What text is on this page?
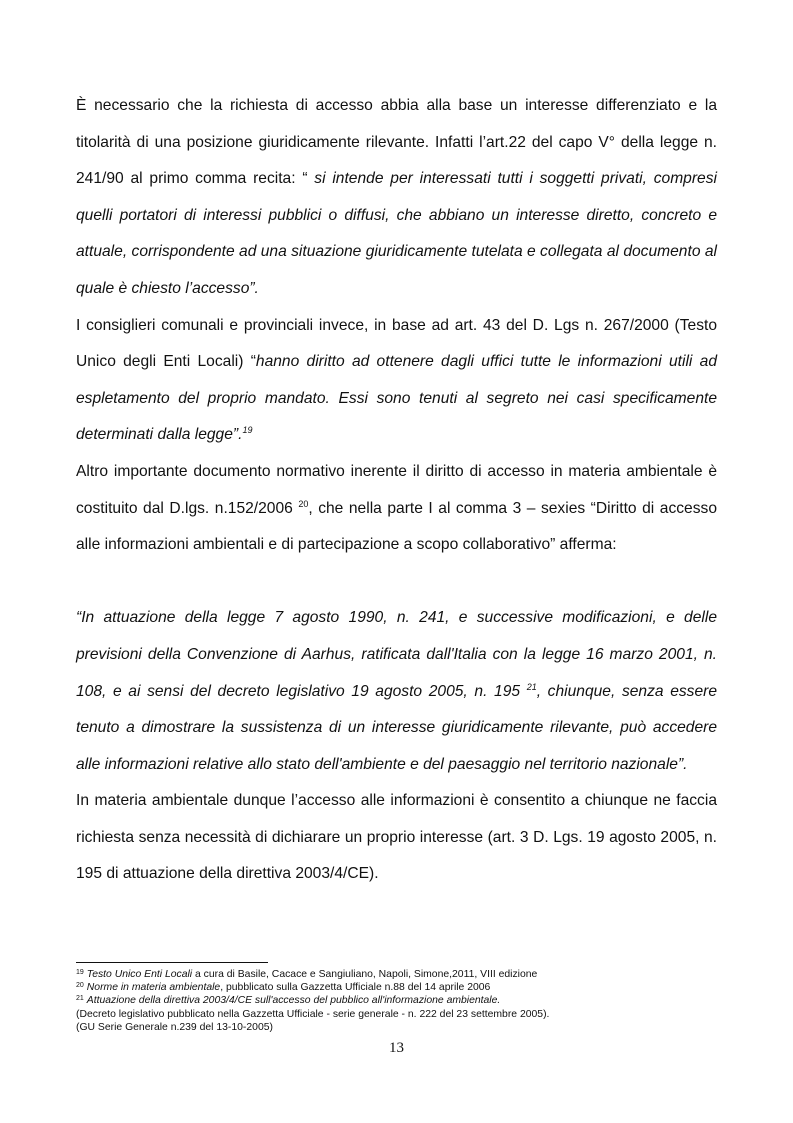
È necessario che la richiesta di accesso abbia alla base un interesse differenziato e la titolarità di una posizione giuridicamente rilevante. Infatti l’art.22 del capo V° della legge n. 241/90 al primo comma recita: “ si intende per interessati tutti i soggetti privati, compresi quelli portatori di interessi pubblici o diffusi, che abbiano un interesse diretto, concreto e attuale, corrispondente ad una situazione giuridicamente tutelata e collegata al documento al quale è chiesto l’accesso”.

I consiglieri comunali e provinciali invece, in base ad art. 43 del D. Lgs n. 267/2000 (Testo Unico degli Enti Locali) “hanno diritto ad ottenere dagli uffici tutte le informazioni utili ad espletamento del proprio mandato. Essi sono tenuti al segreto nei casi specificamente determinati dalla legge”.$^{19}$

Altro importante documento normativo inerente il diritto di accesso in materia ambientale è costituito dal D.lgs. n.152/2006 $^{20}$, che nella parte I al comma 3 – sexies “Diritto di accesso alle informazioni ambientali e di partecipazione a scopo collaborativo” afferma:

“In attuazione della legge 7 agosto 1990, n. 241, e successive modificazioni, e delle previsioni della Convenzione di Aarhus, ratificata dall'Italia con la legge 16 marzo 2001, n. 108, e ai sensi del decreto legislativo 19 agosto 2005, n. 195 $^{21}$, chiunque, senza essere tenuto a dimostrare la sussistenza di un interesse giuridicamente rilevante, può accedere alle informazioni relative allo stato dell'ambiente e del paesaggio nel territorio nazionale”.

In materia ambientale dunque l’accesso alle informazioni è consentito a chiunque ne faccia richiesta senza necessità di dichiarare un proprio interesse (art. 3 D. Lgs. 19 agosto 2005, n. 195 di attuazione della direttiva 2003/4/CE).

$^{19}$ Testo Unico Enti Locali a cura di Basile, Cacace e Sangiuliano, Napoli, Simone,2011, VIII edizione
$^{20}$ Norme in materia ambientale, pubblicato sulla Gazzetta Ufficiale n.88 del 14 aprile 2006
$^{21}$ Attuazione della direttiva 2003/4/CE sull'accesso del pubblico all'informazione ambientale.
(Decreto legislativo pubblicato nella Gazzetta Ufficiale - serie generale - n. 222 del 23 settembre 2005).
(GU Serie Generale n.239 del 13-10-2005)
13
